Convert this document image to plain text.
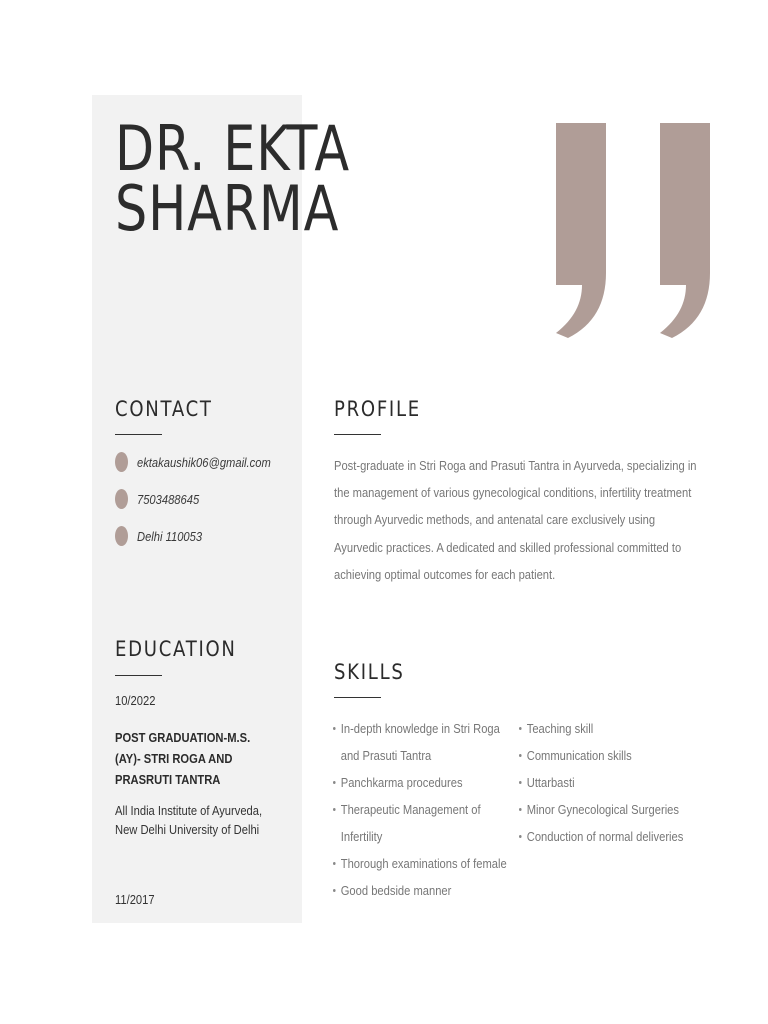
DR. EKTA
SHARMA
CONTACT
ektakaushik06@gmail.com
7503488645
Delhi 110053
PROFILE
Post-graduate in Stri Roga and Prasuti Tantra in Ayurveda, specializing in
the management of various gynecological conditions, infertility treatment
through Ayurvedic methods, and antenatal care exclusively using
Ayurvedic practices. A dedicated and skilled professional committed to
achieving optimal outcomes for each patient.
EDUCATION
10/2022
POST GRADUATION-M.S.
(AY)- STRI ROGA AND
PRASRUTI TANTRA
All India Institute of Ayurveda,
New Delhi University of Delhi
11/2017
SKILLS
In-depth knowledge in Stri Roga
and Prasuti Tantra
Panchkarma procedures
Therapeutic Management of
Infertility
Thorough examinations of female
Good bedside manner
Teaching skill
Communication skills
Uttarbasti
Minor Gynecological Surgeries
Conduction of normal deliveries
